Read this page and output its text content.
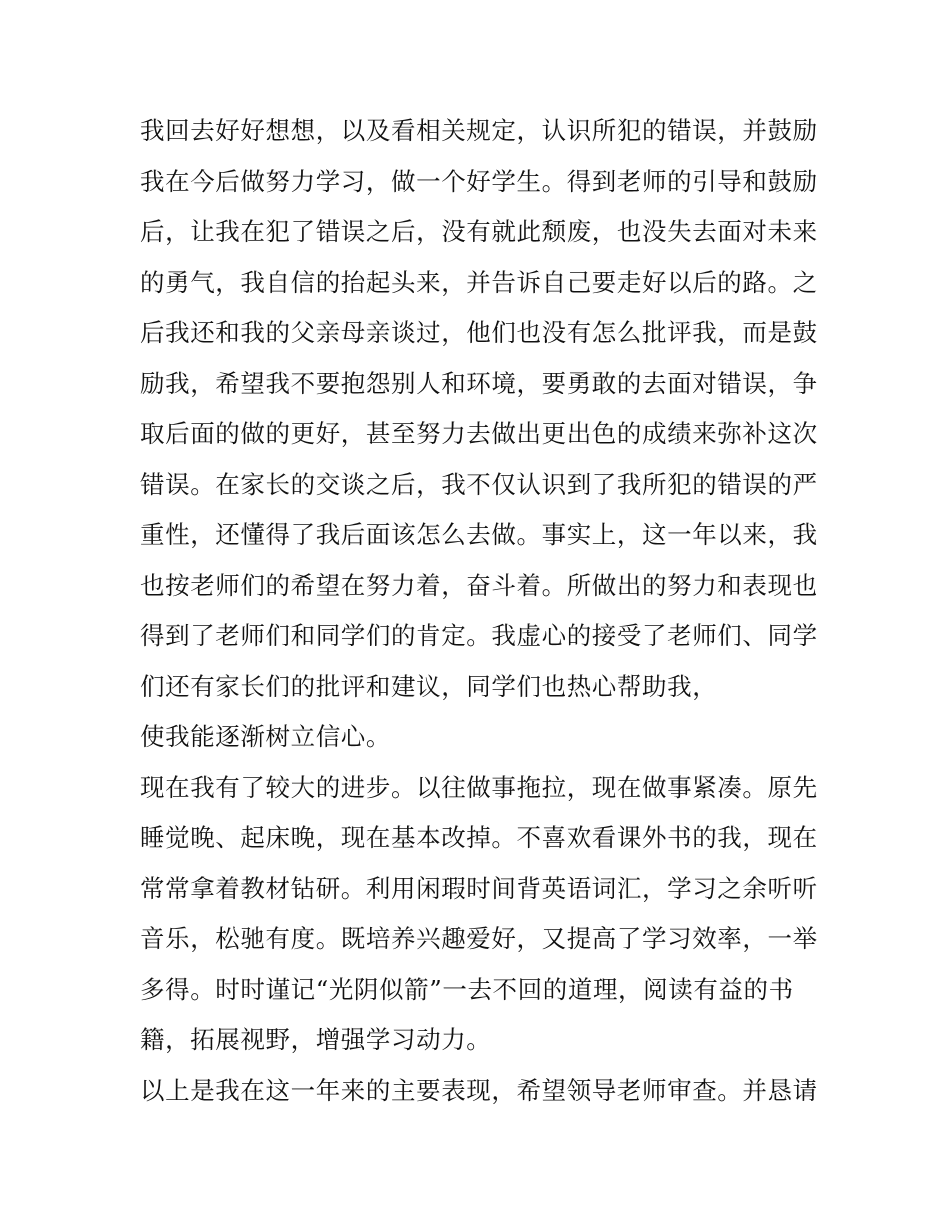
我回去好好想想，以及看相关规定，认识所犯的错误，并鼓励
我在今后做努力学习，做一个好学生。得到老师的引导和鼓励
后，让我在犯了错误之后，没有就此颓废，也没失去面对未来
的勇气，我自信的抬起头来，并告诉自己要走好以后的路。之
后我还和我的父亲母亲谈过，他们也没有怎么批评我，而是鼓
励我，希望我不要抱怨别人和环境，要勇敢的去面对错误，争
取后面的做的更好，甚至努力去做出更出色的成绩来弥补这次
错误。在家长的交谈之后，我不仅认识到了我所犯的错误的严
重性，还懂得了我后面该怎么去做。事实上，这一年以来，我
也按老师们的希望在努力着，奋斗着。所做出的努力和表现也
得到了老师们和同学们的肯定。我虚心的接受了老师们、同学
们还有家长们的批评和建议，同学们也热心帮助我，
使我能逐渐树立信心。
现在我有了较大的进步。以往做事拖拉，现在做事紧凑。原先
睡觉晚、起床晚，现在基本改掉。不喜欢看课外书的我，现在
常常拿着教材钻研。利用闲瑕时间背英语词汇，学习之余听听
音乐，松驰有度。既培养兴趣爱好，又提高了学习效率，一举
多得。时时谨记“光阴似箭”一去不回的道理，阅读有益的书
籍，拓展视野，增强学习动力。
以上是我在这一年来的主要表现，希望领导老师审查。并恳请
